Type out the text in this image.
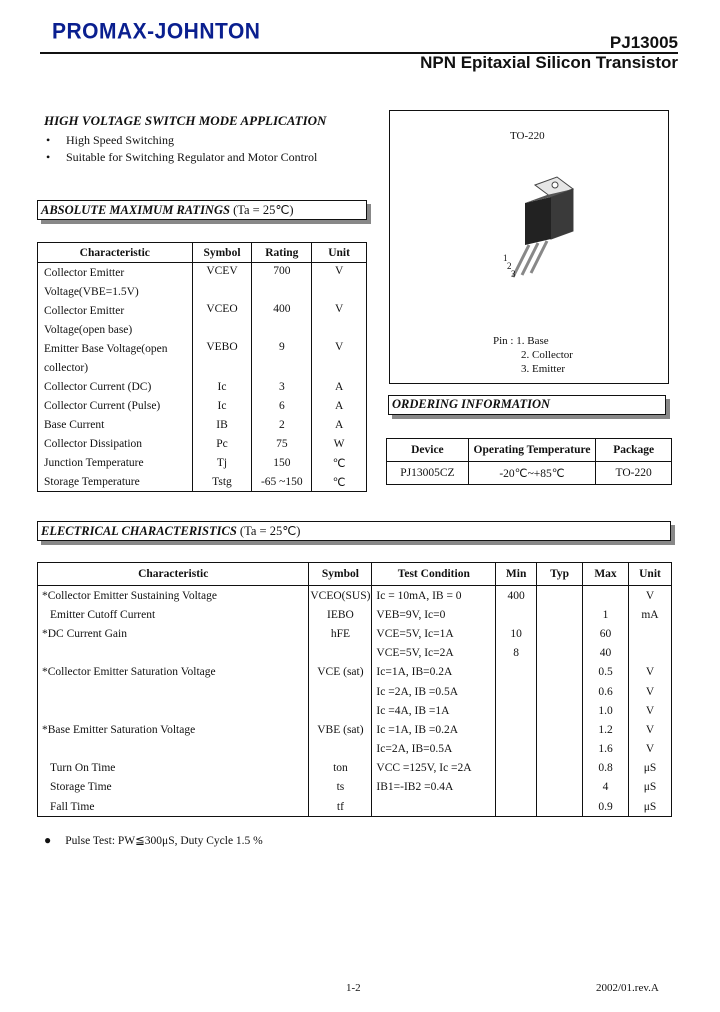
PROMAX-JOHNTON	PJ13005
NPN Epitaxial Silicon Transistor
HIGH VOLTAGE SWITCH MODE APPLICATION
• High Speed Switching
• Suitable for Switching Regulator and Motor Control
ABSOLUTE MAXIMUM RATINGS (Ta = 25℃)
Characteristic	Symbol	Rating	Unit
Collector Emitter	VCEV	700	V
Voltage(VBE=1.5V)			
Collector Emitter	VCEO	400	V
Voltage(open base)			
Emitter Base Voltage(open	VEBO	9	V
collector)			
Collector Current (DC)	Ic	3	A
Collector Current (Pulse)	Ic	6	A
Base Current	IB	2	A
Collector Dissipation	Pc	75	W
Junction Temperature	Tj	150	℃
Storage Temperature	Tstg	-65 ~150	℃
TO-220
1
2
3
Pin : 1. Base
2. Collector
3. Emitter
ORDERING INFORMATION
Device	Operating Temperature	Package
PJ13005CZ	-20℃~+85℃	TO-220
ELECTRICAL CHARACTERISTICS (Ta = 25℃)
Characteristic	Symbol	Test Condition	Min	Typ	Max	Unit
*Collector Emitter Sustaining Voltage	VCEO(SUS)	Ic = 10mA, IB = 0	400			V
Emitter Cutoff Current	IEBO	VEB=9V, Ic=0			1	mA
*DC Current Gain	hFE	VCE=5V, Ic=1A	10		60	
		VCE=5V, Ic=2A	8		40	
*Collector Emitter Saturation Voltage	VCE (sat)	Ic=1A, IB=0.2A			0.5	V
		Ic =2A, IB =0.5A			0.6	V
		Ic =4A, IB =1A			1.0	V
*Base Emitter Saturation Voltage	VBE (sat)	Ic =1A, IB =0.2A			1.2	V
		Ic=2A, IB=0.5A			1.6	V
Turn On Time	ton	VCC =125V, Ic =2A			0.8	μS
Storage Time	ts	IB1=-IB2 =0.4A			4	μS
Fall Time	tf				0.9	μS
● Pulse Test: PW≦300μS, Duty Cycle 1.5 %
1-2	2002/01.rev.A
